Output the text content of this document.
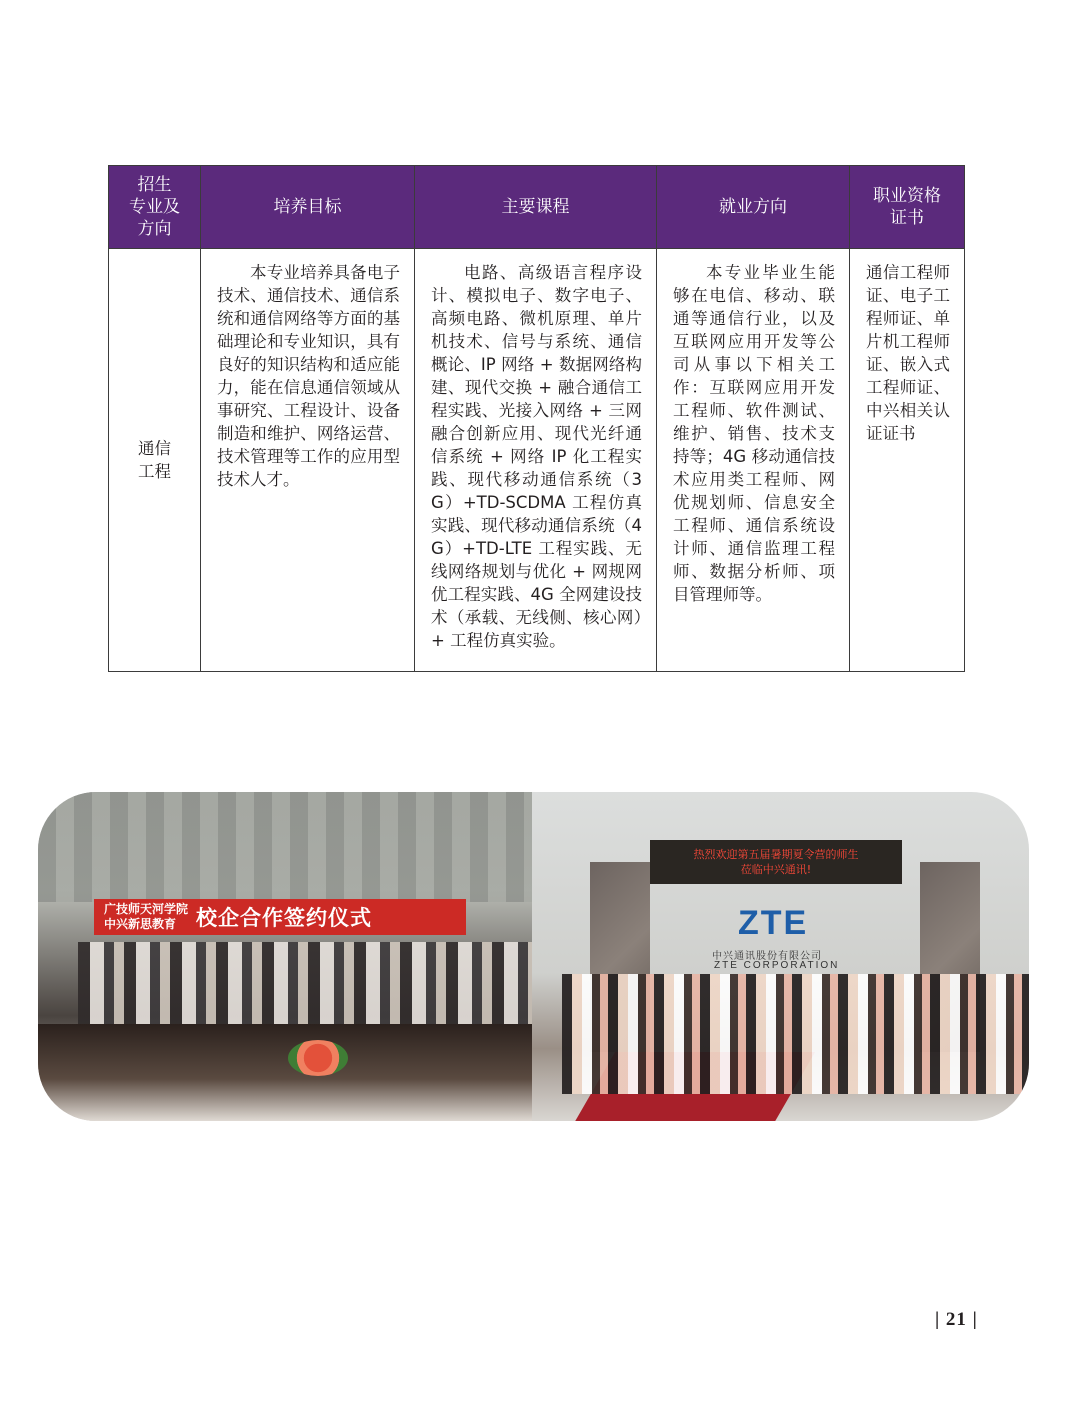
招生
专业及
方向	培养目标	主要课程	就业方向	职业资格
证书
通信
工程	本专业培养具备电子技术、通信技术、通信系统和通信网络等方面的基础理论和专业知识，具有良好的知识结构和适应能力，能在信息通信领域从事研究、工程设计、设备制造和维护、网络运营、技术管理等工作的应用型技术人才。	电路、高级语言程序设计、模拟电子、数字电子、高频电路、微机原理、单片机技术、信号与系统、通信概论、IP 网络 + 数据网络构建、现代交换 + 融合通信工程实践、光接入网络 + 三网融合创新应用、现代光纤通信系统 + 网络 IP 化工程实践、现代移动通信系统（3G）+TD-SCDMA 工程仿真实践、现代移动通信系统（4G）+TD-LTE 工程实践、无线网络规划与优化 + 网规网优工程实践、4G 全网建设技术（承载、无线侧、核心网）+ 工程仿真实验。	本专业毕业生能够在电信、移动、联通等通信行业，以及互联网应用开发等公司从事以下相关工作：互联网应用开发工程师、软件测试、维护、销售、技术支持等；4G 移动通信技术应用类工程师、网优规划师、信息安全工程师、通信系统设计师、通信监理工程师、数据分析师、项目管理师等。	通信工程师证、电子工程师证、单片机工程师证、嵌入式工程师证、中兴相关认证证书

广技师天河学院
中兴新思教育 校企合作签约仪式
热烈欢迎第五届暑期夏令营的师生
莅临中兴通讯!
ZTE
中兴通讯股份有限公司
ZTE CORPORATION
| 21 |
